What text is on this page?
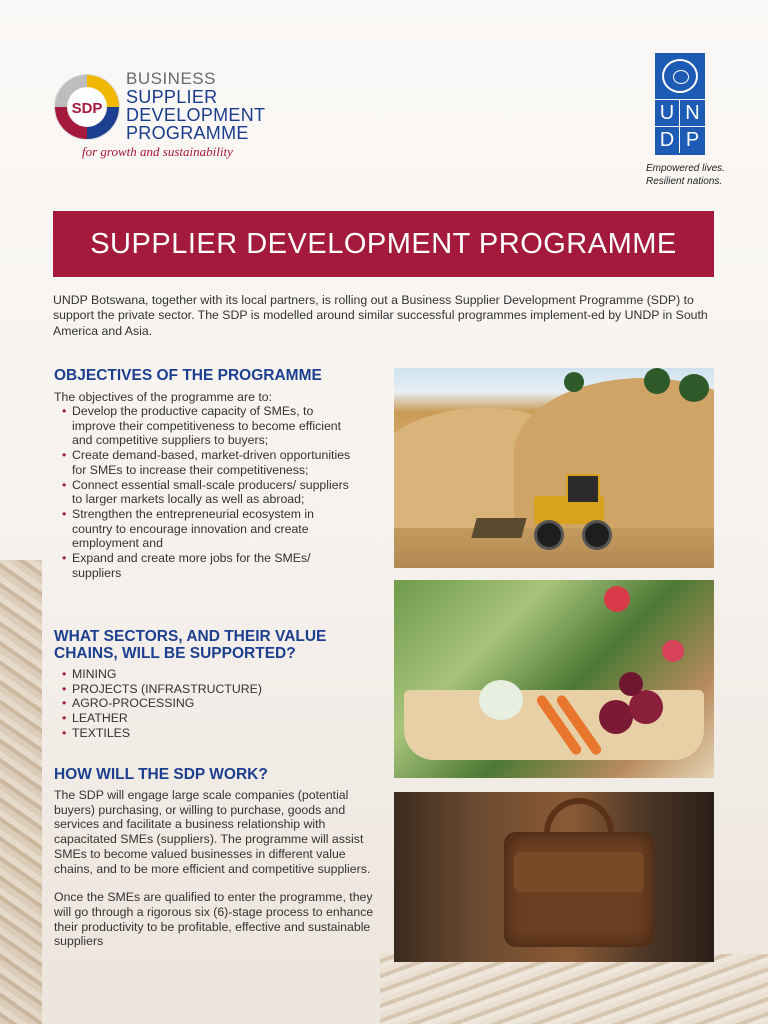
SDP
BUSINESS
SUPPLIER
DEVELOPMENT
PROGRAMME
for growth and sustainability
U N
D P
Empowered lives.
Resilient nations.
SUPPLIER DEVELOPMENT PROGRAMME
UNDP Botswana, together with its local partners, is rolling out a Business Supplier Development Programme (SDP) to support the private sector. The SDP is modelled around similar successful programmes implement-ed by UNDP in South America and Asia.
OBJECTIVES OF THE PROGRAMME
The objectives of the programme are to:
• Develop the productive capacity of SMEs, to improve their competitiveness to become efficient and competitive suppliers to buyers;
• Create demand-based, market-driven opportunities for SMEs to increase their competitiveness;
• Connect essential small-scale producers/ suppliers to larger markets locally as well as abroad;
• Strengthen the entrepreneurial ecosystem in country to encourage innovation and create employment and
• Expand and create more jobs for the SMEs/ suppliers
WHAT SECTORS, AND THEIR VALUE CHAINS, WILL BE SUPPORTED?
• MINING
• PROJECTS (INFRASTRUCTURE)
• AGRO-PROCESSING
• LEATHER
• TEXTILES
HOW WILL THE SDP WORK?

The SDP will engage large scale companies (potential buyers) purchasing, or willing to purchase, goods and services and facilitate a business relationship with capacitated SMEs (suppliers). The programme will assist SMEs to become valued businesses in different value chains, and to be more efficient and competitive suppliers.

Once the SMEs are qualified to enter the programme, they will go through a rigorous six (6)-stage process to enhance their productivity to be profitable, effective and sustainable suppliers
